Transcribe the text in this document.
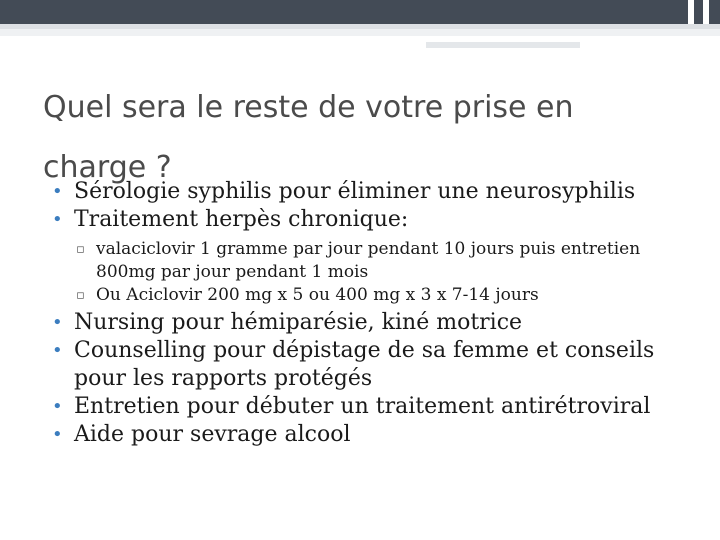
Quel sera le reste de votre prise en charge ?
• Sérologie syphilis pour éliminer une neurosyphilis
• Traitement herpès chronique:
▫ valaciclovir 1 gramme par jour pendant 10 jours puis entretien 800mg par jour pendant 1 mois
▫ Ou Aciclovir 200 mg x 5 ou 400 mg x 3 x 7-14 jours
• Nursing pour hémiparésie, kiné motrice
• Counselling pour dépistage de sa femme et conseils pour les rapports protégés
• Entretien pour débuter un traitement antirétroviral
• Aide pour sevrage alcool
